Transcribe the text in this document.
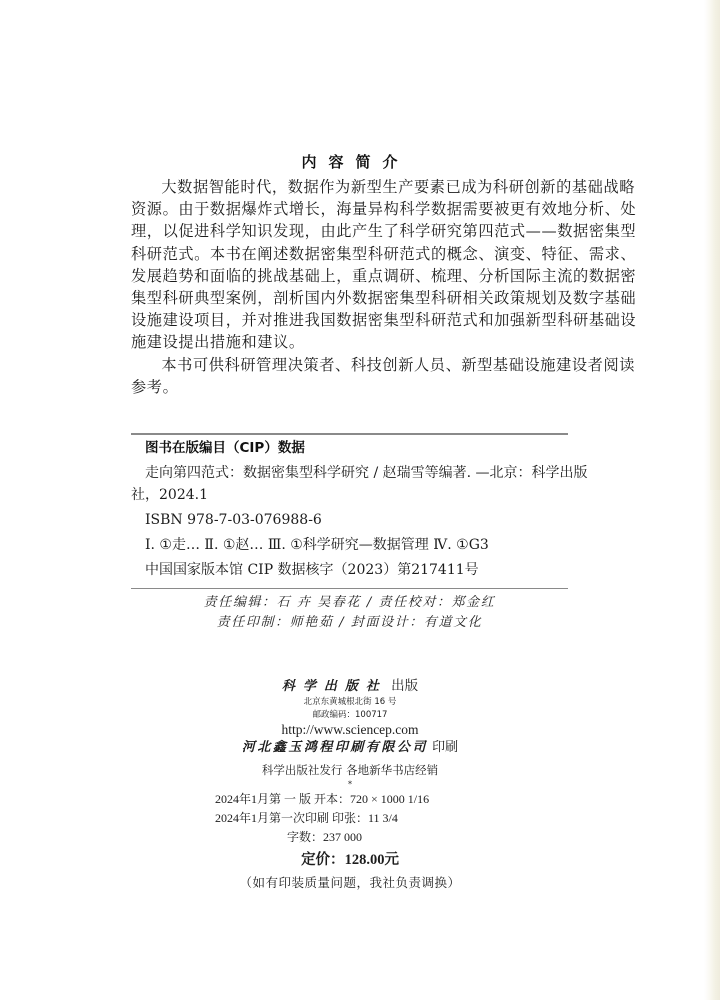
内容简介

大数据智能时代，数据作为新型生产要素已成为科研创新的基础战略
资源。由于数据爆炸式增长，海量异构科学数据需要被更有效地分析、处
理，以促进科学知识发现，由此产生了科学研究第四范式——数据密集型
科研范式。本书在阐述数据密集型科研范式的概念、演变、特征、需求、
发展趋势和面临的挑战基础上，重点调研、梳理、分析国际主流的数据密
集型科研典型案例，剖析国内外数据密集型科研相关政策规划及数字基础
设施建设项目，并对推进我国数据密集型科研范式和加强新型科研基础设
施建设提出措施和建议。

本书可供科研管理决策者、科技创新人员、新型基础设施建设者阅读
参考。

图书在版编目（CIP）数据
走向第四范式：数据密集型科学研究 / 赵瑞雪等编著. —北京：科学出版
社，2024.1
ISBN 978-7-03-076988-6
Ⅰ. ①走… Ⅱ. ①赵… Ⅲ. ①科学研究—数据管理 Ⅳ. ①G3
中国国家版本馆 CIP 数据核字（2023）第217411号
责任编辑：石 卉 吴春花 / 责任校对：郑金红
责任印制：师艳茹 / 封面设计：有道文化
科学出版社 出版
北京东黄城根北街 16 号
邮政编码：100717
http://www.sciencep.com
河北鑫玉鸿程印刷有限公司 印刷
科学出版社发行 各地新华书店经销
*
2024年1月第 一 版 开本：720 × 1000 1/16
2024年1月第一次印刷 印张：11 3/4
字数：237 000
定价：128.00元
（如有印装质量问题，我社负责调换）
